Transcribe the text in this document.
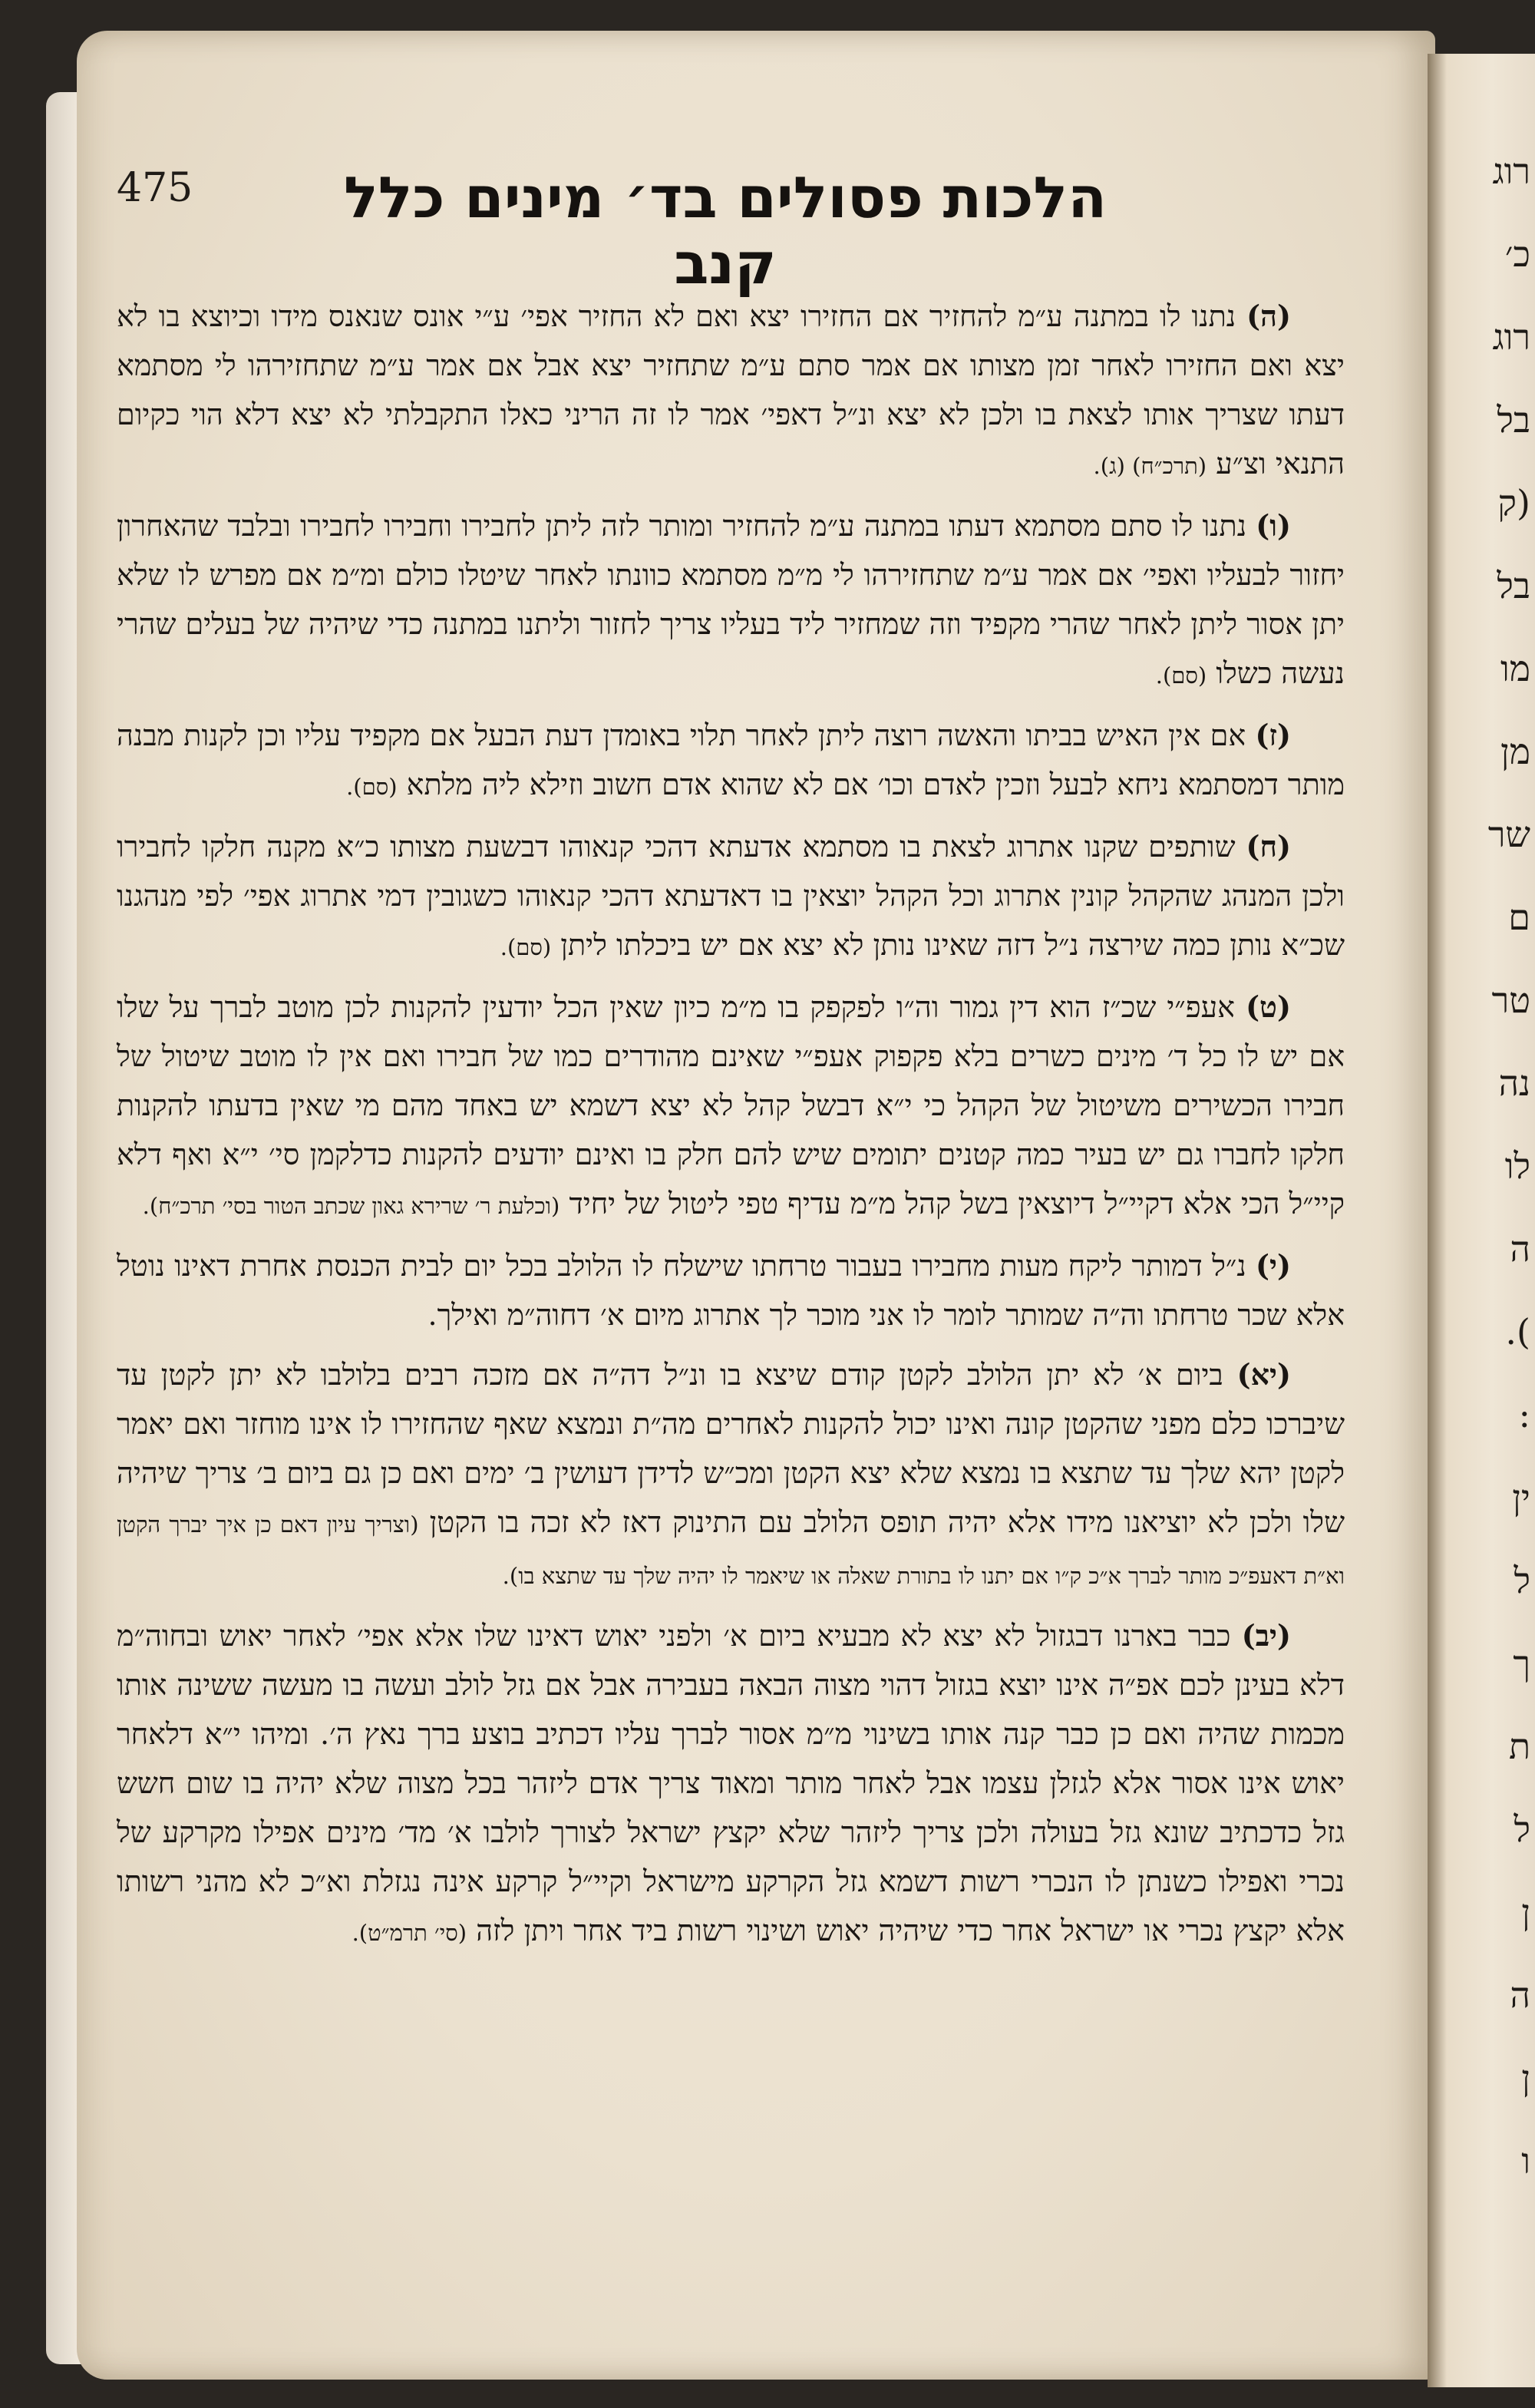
רוג
כ׳
רוג
בל
(ק
בל
מו
מן
שר
ם
טר
נה
לו
ה
).
:
ין
ל
ך
ת
ל
ן
ה
ן
ו
475	הלכות פסולים בד׳ מינים כלל קנב

(ה) נתנו לו במתנה ע״מ להחזיר אם החזירו יצא ואם לא החזיר אפי׳ ע״י אונס שנאנס מידו וכיוצא בו לא יצא ואם החזירו לאחר זמן מצותו אם אמר סתם ע״מ שתחזיר יצא אבל אם אמר ע״מ שתחזירהו לי מסתמא דעתו שצריך אותו לצאת בו ולכן לא יצא ונ״ל דאפי׳ אמר לו זה הריני כאלו התקבלתי לא יצא דלא הוי כקיום התנאי וצ״ע (תרכ״ח) (ג).

(ו) נתנו לו סתם מסתמא דעתו במתנה ע״מ להחזיר ומותר לזה ליתן לחבירו וחבירו לחבירו ובלבד שהאחרון יחזור לבעליו ואפי׳ אם אמר ע״מ שתחזירהו לי מ״מ מסתמא כוונתו לאחר שיטלו כולם ומ״מ אם מפרש לו שלא יתן אסור ליתן לאחר שהרי מקפיד וזה שמחזיר ליד בעליו צריך לחזור וליתנו במתנה כדי שיהיה של בעלים שהרי נעשה כשלו (סם).

(ז) אם אין האיש בביתו והאשה רוצה ליתן לאחר תלוי באומדן דעת הבעל אם מקפיד עליו וכן לקנות מבנה מותר דמסתמא ניחא לבעל וזכין לאדם וכו׳ אם לא שהוא אדם חשוב וזילא ליה מלתא (סם).

(ח) שותפים שקנו אתרוג לצאת בו מסתמא אדעתא דהכי קנאוהו דבשעת מצותו כ״א מקנה חלקו לחבירו ולכן המנהג שהקהל קונין אתרוג וכל הקהל יוצאין בו דאדעתא דהכי קנאוהו כשגובין דמי אתרוג אפי׳ לפי מנהגנו שכ״א נותן כמה שירצה נ״ל דזה שאינו נותן לא יצא אם יש ביכלתו ליתן (סם).

(ט) אעפ״י שכ״ז הוא דין גמור וה״ו לפקפק בו מ״מ כיון שאין הכל יודעין להקנות לכן מוטב לברך על שלו אם יש לו כל ד׳ מינים כשרים בלא פקפוק אעפ״י שאינם מהודרים כמו של חבירו ואם אין לו מוטב שיטול של חבירו הכשירים משיטול של הקהל כי י״א דבשל קהל לא יצא דשמא יש באחד מהם מי שאין בדעתו להקנות חלקו לחברו גם יש בעיר כמה קטנים יתומים שיש להם חלק בו ואינם יודעים להקנות כדלקמן סי׳ י״א ואף דלא קיי״ל הכי אלא דקיי״ל דיוצאין בשל קהל מ״מ עדיף טפי ליטול של יחיד (וכלעת ר׳ שרירא גאון שכתב הטור בסי׳ תרכ״ח).

(י) נ״ל דמותר ליקח מעות מחבירו בעבור טרחתו שישלח לו הלולב בכל יום לבית הכנסת אחרת דאינו נוטל אלא שכר טרחתו וה״ה שמותר לומר לו אני מוכר לך אתרוג מיום א׳ דחוה״מ ואילך.

(יא) ביום א׳ לא יתן הלולב לקטן קודם שיצא בו ונ״ל דה״ה אם מזכה רבים בלולבו לא יתן לקטן עד שיברכו כלם מפני שהקטן קונה ואינו יכול להקנות לאחרים מה״ת ונמצא שאף שהחזירו לו אינו מוחזר ואם יאמר לקטן יהא שלך עד שתצא בו נמצא שלא יצא הקטן ומכ״ש לדידן דעושין ב׳ ימים ואם כן גם ביום ב׳ צריך שיהיה שלו ולכן לא יוציאנו מידו אלא יהיה תופס הלולב עם התינוק דאז לא זכה בו הקטן (וצריך עיון דאם כן איך יברך הקטן וא״ת דאעפ״כ מותר לברך א״כ ק״ו אם יתנו לו בתורת שאלה או שיאמר לו יהיה שלך עד שתצא בו).

(יב) כבר בארנו דבגזול לא יצא לא מבעיא ביום א׳ ולפני יאוש דאינו שלו אלא אפי׳ לאחר יאוש ובחוה״מ דלא בעינן לכם אפ״ה אינו יוצא בגזול דהוי מצוה הבאה בעבירה אבל אם גזל לולב ועשה בו מעשה ששינה אותו מכמות שהיה ואם כן כבר קנה אותו בשינוי מ״מ אסור לברך עליו דכתיב בוצע ברך נאץ ה׳. ומיהו י״א דלאחר יאוש אינו אסור אלא לגזלן עצמו אבל לאחר מותר ומאוד צריך אדם ליזהר בכל מצוה שלא יהיה בו שום חשש גזל כדכתיב שונא גזל בעולה ולכן צריך ליזהר שלא יקצץ ישראל לצורך לולבו א׳ מד׳ מינים אפילו מקרקע של נכרי ואפילו כשנתן לו הנכרי רשות דשמא גזל הקרקע מישראל וקיי״ל קרקע אינה נגזלת וא״כ לא מהני רשותו אלא יקצץ נכרי או ישראל אחר כדי שיהיה יאוש ושינוי רשות ביד אחר ויתן לזה (סי׳ תרמ״ט).
